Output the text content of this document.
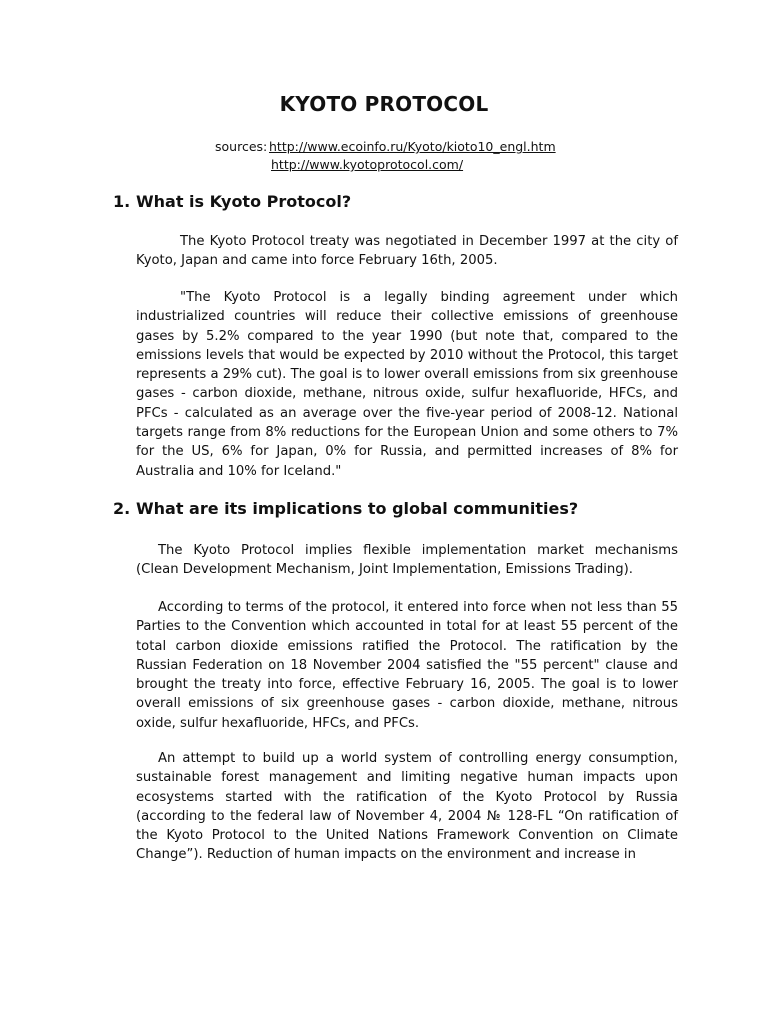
KYOTO PROTOCOL
sources: http://www.ecoinfo.ru/Kyoto/kioto10_engl.htm
http://www.kyotoprotocol.com/
1. What is Kyoto Protocol?

The Kyoto Protocol treaty was negotiated in December 1997 at the city of Kyoto, Japan and came into force February 16th, 2005.

"The Kyoto Protocol is a legally binding agreement under which industrialized countries will reduce their collective emissions of greenhouse gases by 5.2% compared to the year 1990 (but note that, compared to the emissions levels that would be expected by 2010 without the Protocol, this target represents a 29% cut). The goal is to lower overall emissions from six greenhouse gases - carbon dioxide, methane, nitrous oxide, sulfur hexafluoride, HFCs, and PFCs - calculated as an average over the five-year period of 2008-12. National targets range from 8% reductions for the European Union and some others to 7% for the US, 6% for Japan, 0% for Russia, and permitted increases of 8% for Australia and 10% for Iceland."

2. What are its implications to global communities?

The Kyoto Protocol implies flexible implementation market mechanisms (Clean Development Mechanism, Joint Implementation, Emissions Trading).

According to terms of the protocol, it entered into force when not less than 55 Parties to the Convention which accounted in total for at least 55 percent of the total carbon dioxide emissions ratified the Protocol. The ratification by the Russian Federation on 18 November 2004 satisfied the "55 percent" clause and brought the treaty into force, effective February 16, 2005. The goal is to lower overall emissions of six greenhouse gases - carbon dioxide, methane, nitrous oxide, sulfur hexafluoride, HFCs, and PFCs.

An attempt to build up a world system of controlling energy consumption, sustainable forest management and limiting negative human impacts upon ecosystems started with the ratification of the Kyoto Protocol by Russia (according to the federal law of November 4, 2004 № 128-FL “On ratification of the Kyoto Protocol to the United Nations Framework Convention on Climate Change”). Reduction of human impacts on the environment and increase in
